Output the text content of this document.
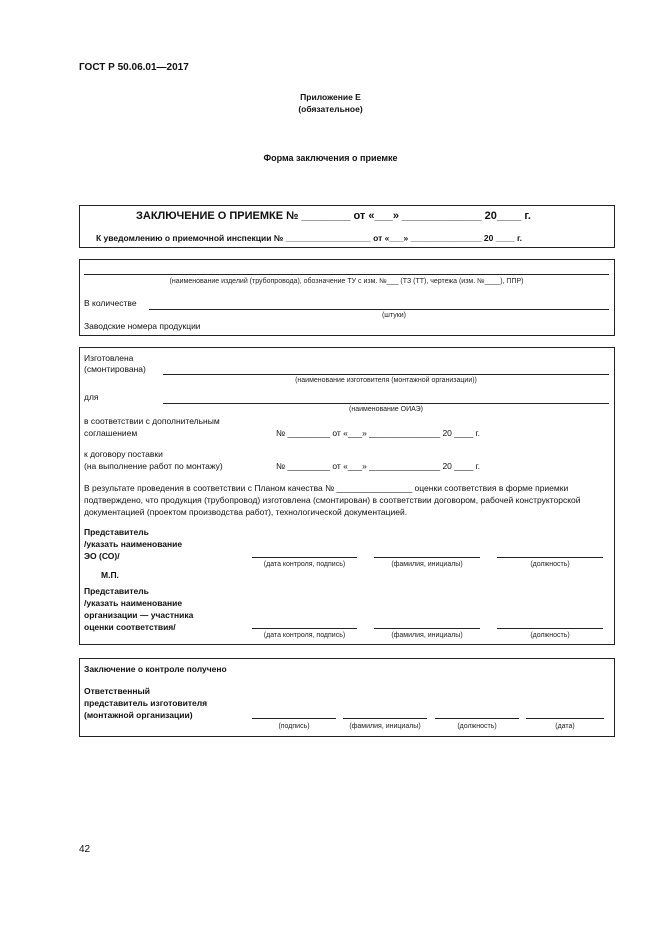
ГОСТ Р 50.06.01—2017
Приложение Е
(обязательное)
Форма заключения о приемке
ЗАКЛЮЧЕНИЕ О ПРИЕМКЕ № ________ от «___» _____________ 20____ г.
К уведомлению о приемочной инспекции № __________________ от «___» _______________ 20 ____ г.
(наименование изделий (трубопровода), обозначение ТУ с изм. №___ (ТЗ (ТТ), чертежа (изм. №____), ППР)
В количестве
(штуки)
Заводские номера продукции
Изготовлена
(смонтирована)
(наименование изготовителя (монтажной организации))
для
(наименование ОИАЭ)
в соответствии с дополнительным
соглашением	№ _________ от «___» _______________ 20 ____ г.
к договору поставки
(на выполнение работ по монтажу)	№ _________ от «___» _______________ 20 ____ г.
В результате проведения в соответствии с Планом качества № ________________ оценки соответствия в форме приемки подтверждено, что продукция (трубопровод) изготовлена (смонтирован) в соответствии договором, рабочей конструкторской документацией (проектом производства работ), технологической документацией.
Представитель
/указать наименование
ЭО (СО)/
(дата контроля, подпись)	(фамилия, инициалы)	(должность)
М.П.
Представитель
/указать наименование
организации — участника
оценки соответствия/
(дата контроля, подпись)	(фамилия, инициалы)	(должность)
Заключение о контроле получено
Ответственный
представитель изготовителя
(монтажной организации)
(подпись)	(фамилия, инициалы)	(должность)	(дата)
42
